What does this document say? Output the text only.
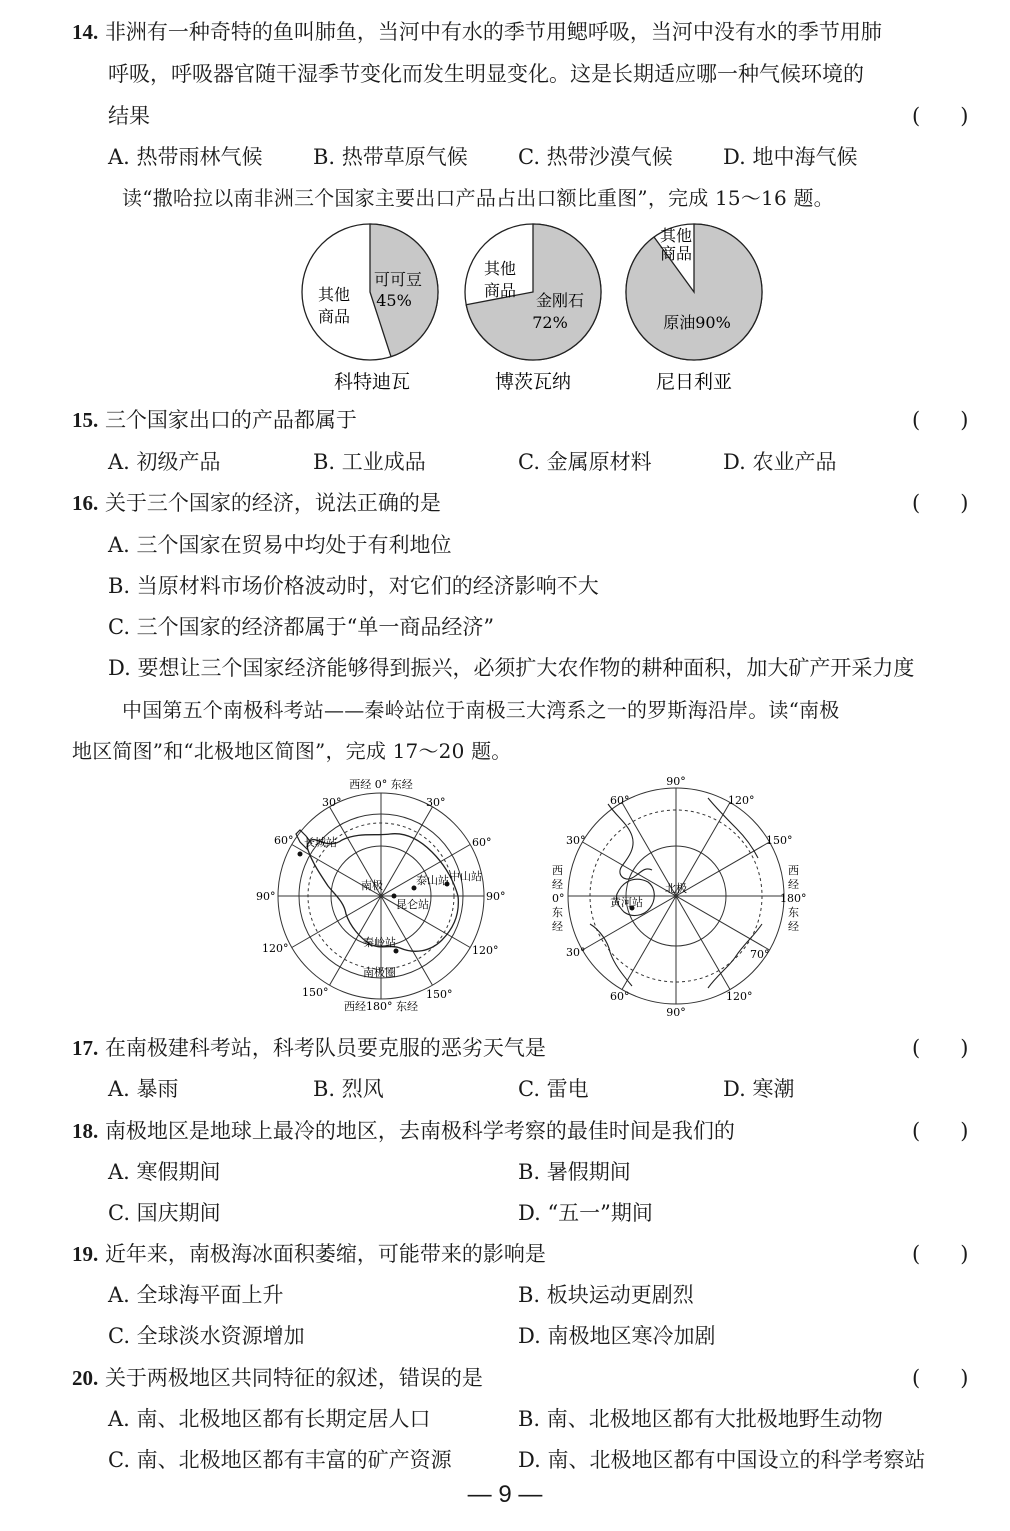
14. 非洲有一种奇特的鱼叫肺鱼，当河中有水的季节用鳃呼吸，当河中没有水的季节用肺
呼吸，呼吸器官随干湿季节变化而发生明显变化。这是长期适应哪一种气候环境的
结果	(      )
A. 热带雨林气候 B. 热带草原气候 C. 热带沙漠气候 D. 地中海气候
读“撒哈拉以南非洲三个国家主要出口产品占出口额比重图”，完成 15～16 题。
可可豆
45%
其他
商品
科特迪瓦
金刚石
72%
其他
商品
博茨瓦纳
原油90%
其他
商品
尼日利亚
15. 三个国家出口的产品都属于	(      )
A. 初级产品	B. 工业成品	C. 金属原材料	D. 农业产品
16. 关于三个国家的经济，说法正确的是	(      )
A. 三个国家在贸易中均处于有利地位
B. 当原材料市场价格波动时，对它们的经济影响不大
C. 三个国家的经济都属于“单一商品经济”
D. 要想让三个国家经济能够得到振兴，必须扩大农作物的耕种面积，加大矿产开采力度
中国第五个南极科考站——秦岭站位于南极三大湾系之一的罗斯海沿岸。读“南极
地区简图”和“北极地区简图”，完成 17～20 题。
西经 0° 东经
西经180° 东经
30°	30°
60°	60°
90°	90°
120°	120°
150°	150°
南极
长城站
泰山站 中山站
昆仑站
秦岭站
南极圈
90°
90°
60°	120°
30°	150°
30°	70°
60°	120°
西
经
0°
东
经
西
经
180°
东
经
北极
黄河站
17. 在南极建科考站，科考队员要克服的恶劣天气是	(      )
A. 暴雨	B. 烈风	C. 雷电	D. 寒潮
18. 南极地区是地球上最冷的地区，去南极科学考察的最佳时间是我们的	(      )
A. 寒假期间	B. 暑假期间
C. 国庆期间	D. “五一”期间
19. 近年来，南极海冰面积萎缩，可能带来的影响是	(      )
A. 全球海平面上升	B. 板块运动更剧烈
C. 全球淡水资源增加	D. 南极地区寒冷加剧
20. 关于两极地区共同特征的叙述，错误的是	(      )
A. 南、北极地区都有长期定居人口	B. 南、北极地区都有大批极地野生动物
C. 南、北极地区都有丰富的矿产资源	D. 南、北极地区都有中国设立的科学考察站
— 9 —
